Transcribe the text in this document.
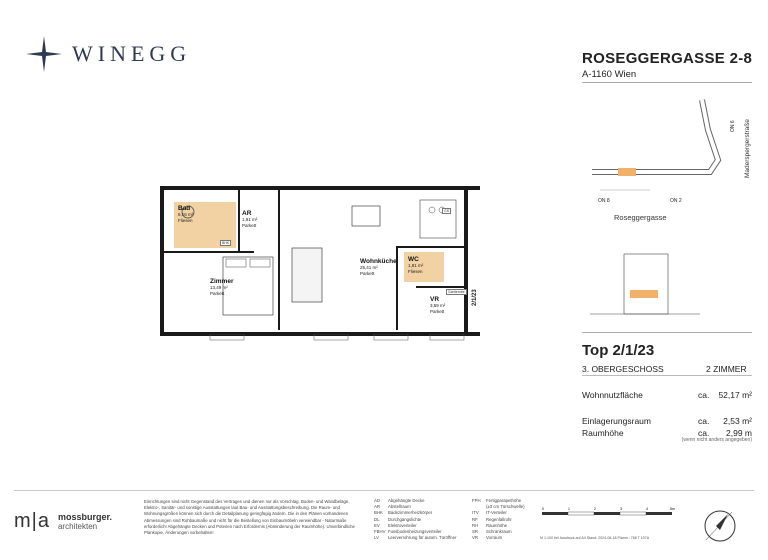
WINEGG	ROSEGGERGASSE 2-8
A-1160 Wien
Bad
6,16 m²
Fliesen
BHK
AR
1,91 m²
Parkett
Zimmer
13,49 m²
Parkett
Wohnküche
25,41 m²
Parkett
GS
WC
1,81 m²
Fliesen
VR
3,59 m²
Parkett
Garderobe	2/1/23
ON 8	ON 2
ON 6
Roseggergasse
Maderspergerstraße
Top 2/1/23
3. OBERGESCHOSS	2 ZIMMER
Wohnnutzfläche	ca. 52,17 m²
Einlagerungsraum	ca. 2,53 m²
Raumhöhe	ca. 2,99 m
(wenn nicht anders angegeben)
m|a mossburger.
architekten
Einrichtungen sind nicht Gegenstand des Vertrages und dienen nur als Vorschlag. Boden- und Wandbeläge, Elektro-, Sanitär- und sonstige Ausstattungen laut Bau- und Ausstattungsbeschreibung. Die Raum- und Wohnungsgrößen können sich durch die Detailplanung geringfügig ändern. Die in den Plänen vorhandenen Abmessungen sind Rohbaumaße und nicht für die Bestellung von Einbaumöbeln verwendbar - Naturmaße erforderlich! Abgehängte Decken und Poterien nach Erfordernis (Abminderung der Raumhöhe). Unverbindliche Plankopie, Änderungen vorbehalten!
AD Abgehängte Decke
AR Abstellraum
BHK Badezimmerheizkörper
DL Durchgangslichte
EV Elektroverteiler
FBHV Fussbodenheizungsverteiler
LV Leerverrohrung für autom. Türöffner
FPH Fertigparapethöhe
(±3 cm Türschwelle)
ITV IT-Verteiler
RF Regenfallrohr
RH Raumhöhe
SR Schrankraum
VR Vorraum
0	1	2	3	4	5m
M 1:100 bei Ausdruck auf A4 Stand: 2024-06-18 Planm.: 768 T 107A
